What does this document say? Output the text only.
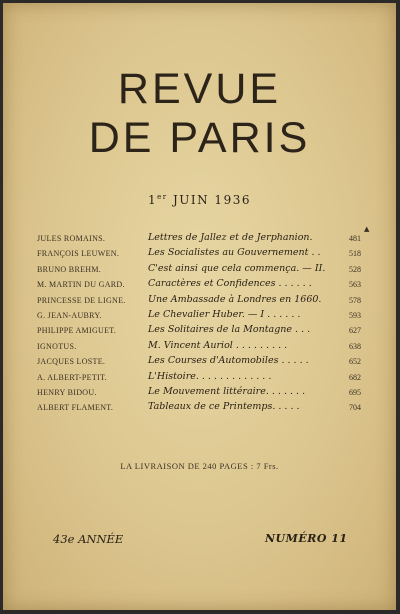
REVUE
DE PARIS
1er JUIN 1936
▲
JULES ROMAINS.	Lettres de Jallez et de Jerphanion.	481
FRANÇOIS LEUWEN.	Les Socialistes au Gouvernement . .	518
BRUNO BREHM.	C'est ainsi que cela commença. — II.	528
M. MARTIN DU GARD. Caractères et Confidences . . . . . .	563
PRINCESSE DE LIGNE. Une Ambassade à Londres en 1660.	578
G. JEAN-AUBRY.	Le Chevalier Huber. — I . . . . . .	593
PHILIPPE AMIGUET.	Les Solitaires de la Montagne . . .	627
IGNOTUS.	M. Vincent Auriol . . . . . . . . .	638
JACQUES LOSTE.	Les Courses d'Automobiles . . . . .	652
A. ALBERT-PETIT.	L'Histoire. . . . . . . . . . . . .	682
HENRY BIDOU.	Le Mouvement littéraire. . . . . . .	695
ALBERT FLAMENT.	Tableaux de ce Printemps. . . . .	704
LA LIVRAISON DE 240 PAGES : 7 Frs.
43e ANNÉE	NUMÉRO 11
